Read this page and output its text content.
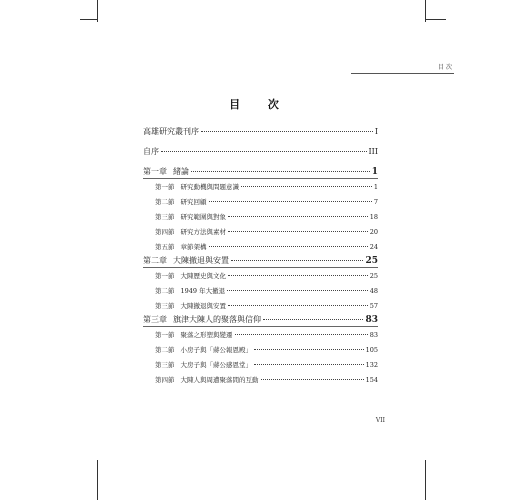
目次
目 次
高雄研究叢刊序	I
自序	III
第一章 緒論	1
第一節 研究動機與問題意識	1
第二節 研究回顧	7
第三節 研究範圍與對象	18
第四節 研究方法與素材	20
第五節 章節架構	24
第二章 大陳撤退與安置	25
第一節 大陳歷史與文化	25
第二節 1949 年大撤退	48
第三節 大陳撤退與安置	57
第三章 旗津大陳人的聚落與信仰	83
第一節 聚落之形塑與變遷	83
第二節 小房子與「蔣公報恩殿」	105
第三節 大房子與「蔣公感恩堂」	132
第四節 大陳人與周遭聚落間的互動	154
VII
